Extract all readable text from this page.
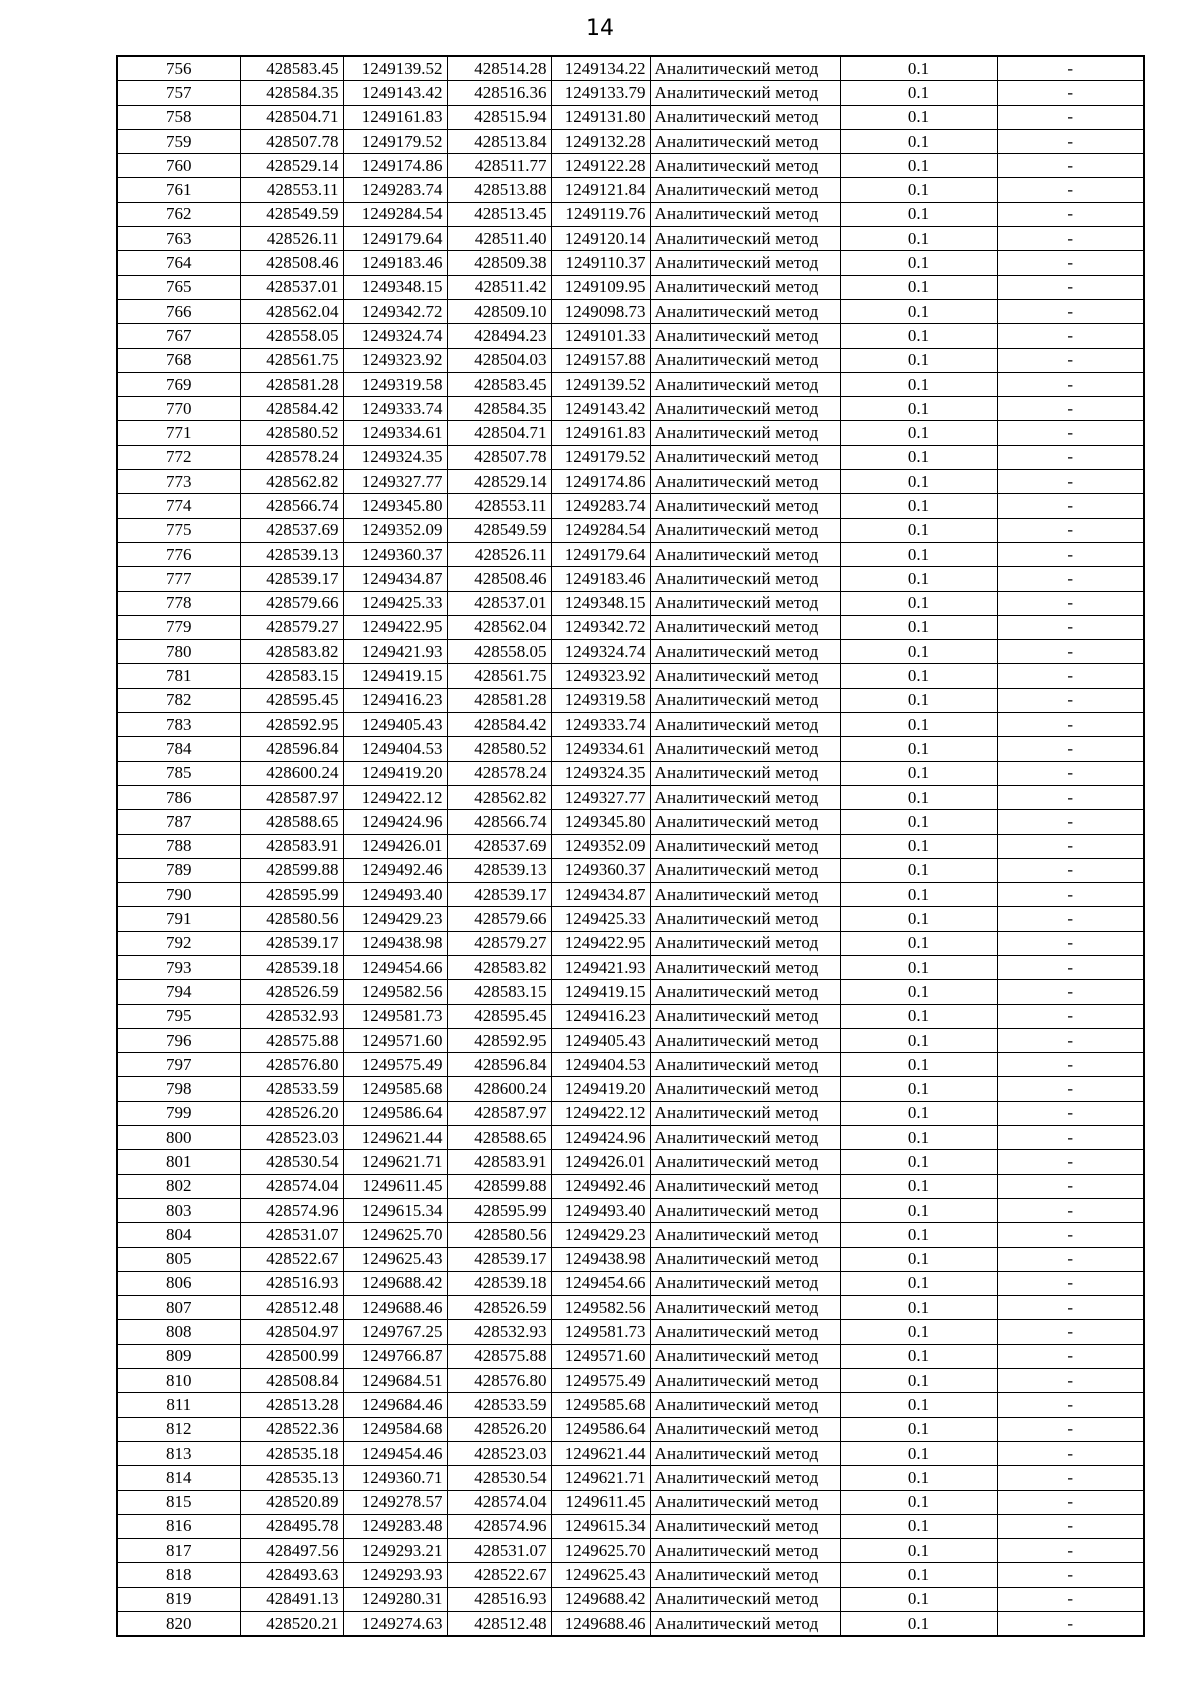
14
756	428583.45	1249139.52	428514.28	1249134.22	Аналитический метод	0.1	-
757	428584.35	1249143.42	428516.36	1249133.79	Аналитический метод	0.1	-
758	428504.71	1249161.83	428515.94	1249131.80	Аналитический метод	0.1	-
759	428507.78	1249179.52	428513.84	1249132.28	Аналитический метод	0.1	-
760	428529.14	1249174.86	428511.77	1249122.28	Аналитический метод	0.1	-
761	428553.11	1249283.74	428513.88	1249121.84	Аналитический метод	0.1	-
762	428549.59	1249284.54	428513.45	1249119.76	Аналитический метод	0.1	-
763	428526.11	1249179.64	428511.40	1249120.14	Аналитический метод	0.1	-
764	428508.46	1249183.46	428509.38	1249110.37	Аналитический метод	0.1	-
765	428537.01	1249348.15	428511.42	1249109.95	Аналитический метод	0.1	-
766	428562.04	1249342.72	428509.10	1249098.73	Аналитический метод	0.1	-
767	428558.05	1249324.74	428494.23	1249101.33	Аналитический метод	0.1	-
768	428561.75	1249323.92	428504.03	1249157.88	Аналитический метод	0.1	-
769	428581.28	1249319.58	428583.45	1249139.52	Аналитический метод	0.1	-
770	428584.42	1249333.74	428584.35	1249143.42	Аналитический метод	0.1	-
771	428580.52	1249334.61	428504.71	1249161.83	Аналитический метод	0.1	-
772	428578.24	1249324.35	428507.78	1249179.52	Аналитический метод	0.1	-
773	428562.82	1249327.77	428529.14	1249174.86	Аналитический метод	0.1	-
774	428566.74	1249345.80	428553.11	1249283.74	Аналитический метод	0.1	-
775	428537.69	1249352.09	428549.59	1249284.54	Аналитический метод	0.1	-
776	428539.13	1249360.37	428526.11	1249179.64	Аналитический метод	0.1	-
777	428539.17	1249434.87	428508.46	1249183.46	Аналитический метод	0.1	-
778	428579.66	1249425.33	428537.01	1249348.15	Аналитический метод	0.1	-
779	428579.27	1249422.95	428562.04	1249342.72	Аналитический метод	0.1	-
780	428583.82	1249421.93	428558.05	1249324.74	Аналитический метод	0.1	-
781	428583.15	1249419.15	428561.75	1249323.92	Аналитический метод	0.1	-
782	428595.45	1249416.23	428581.28	1249319.58	Аналитический метод	0.1	-
783	428592.95	1249405.43	428584.42	1249333.74	Аналитический метод	0.1	-
784	428596.84	1249404.53	428580.52	1249334.61	Аналитический метод	0.1	-
785	428600.24	1249419.20	428578.24	1249324.35	Аналитический метод	0.1	-
786	428587.97	1249422.12	428562.82	1249327.77	Аналитический метод	0.1	-
787	428588.65	1249424.96	428566.74	1249345.80	Аналитический метод	0.1	-
788	428583.91	1249426.01	428537.69	1249352.09	Аналитический метод	0.1	-
789	428599.88	1249492.46	428539.13	1249360.37	Аналитический метод	0.1	-
790	428595.99	1249493.40	428539.17	1249434.87	Аналитический метод	0.1	-
791	428580.56	1249429.23	428579.66	1249425.33	Аналитический метод	0.1	-
792	428539.17	1249438.98	428579.27	1249422.95	Аналитический метод	0.1	-
793	428539.18	1249454.66	428583.82	1249421.93	Аналитический метод	0.1	-
794	428526.59	1249582.56	428583.15	1249419.15	Аналитический метод	0.1	-
795	428532.93	1249581.73	428595.45	1249416.23	Аналитический метод	0.1	-
796	428575.88	1249571.60	428592.95	1249405.43	Аналитический метод	0.1	-
797	428576.80	1249575.49	428596.84	1249404.53	Аналитический метод	0.1	-
798	428533.59	1249585.68	428600.24	1249419.20	Аналитический метод	0.1	-
799	428526.20	1249586.64	428587.97	1249422.12	Аналитический метод	0.1	-
800	428523.03	1249621.44	428588.65	1249424.96	Аналитический метод	0.1	-
801	428530.54	1249621.71	428583.91	1249426.01	Аналитический метод	0.1	-
802	428574.04	1249611.45	428599.88	1249492.46	Аналитический метод	0.1	-
803	428574.96	1249615.34	428595.99	1249493.40	Аналитический метод	0.1	-
804	428531.07	1249625.70	428580.56	1249429.23	Аналитический метод	0.1	-
805	428522.67	1249625.43	428539.17	1249438.98	Аналитический метод	0.1	-
806	428516.93	1249688.42	428539.18	1249454.66	Аналитический метод	0.1	-
807	428512.48	1249688.46	428526.59	1249582.56	Аналитический метод	0.1	-
808	428504.97	1249767.25	428532.93	1249581.73	Аналитический метод	0.1	-
809	428500.99	1249766.87	428575.88	1249571.60	Аналитический метод	0.1	-
810	428508.84	1249684.51	428576.80	1249575.49	Аналитический метод	0.1	-
811	428513.28	1249684.46	428533.59	1249585.68	Аналитический метод	0.1	-
812	428522.36	1249584.68	428526.20	1249586.64	Аналитический метод	0.1	-
813	428535.18	1249454.46	428523.03	1249621.44	Аналитический метод	0.1	-
814	428535.13	1249360.71	428530.54	1249621.71	Аналитический метод	0.1	-
815	428520.89	1249278.57	428574.04	1249611.45	Аналитический метод	0.1	-
816	428495.78	1249283.48	428574.96	1249615.34	Аналитический метод	0.1	-
817	428497.56	1249293.21	428531.07	1249625.70	Аналитический метод	0.1	-
818	428493.63	1249293.93	428522.67	1249625.43	Аналитический метод	0.1	-
819	428491.13	1249280.31	428516.93	1249688.42	Аналитический метод	0.1	-
820	428520.21	1249274.63	428512.48	1249688.46	Аналитический метод	0.1	-
